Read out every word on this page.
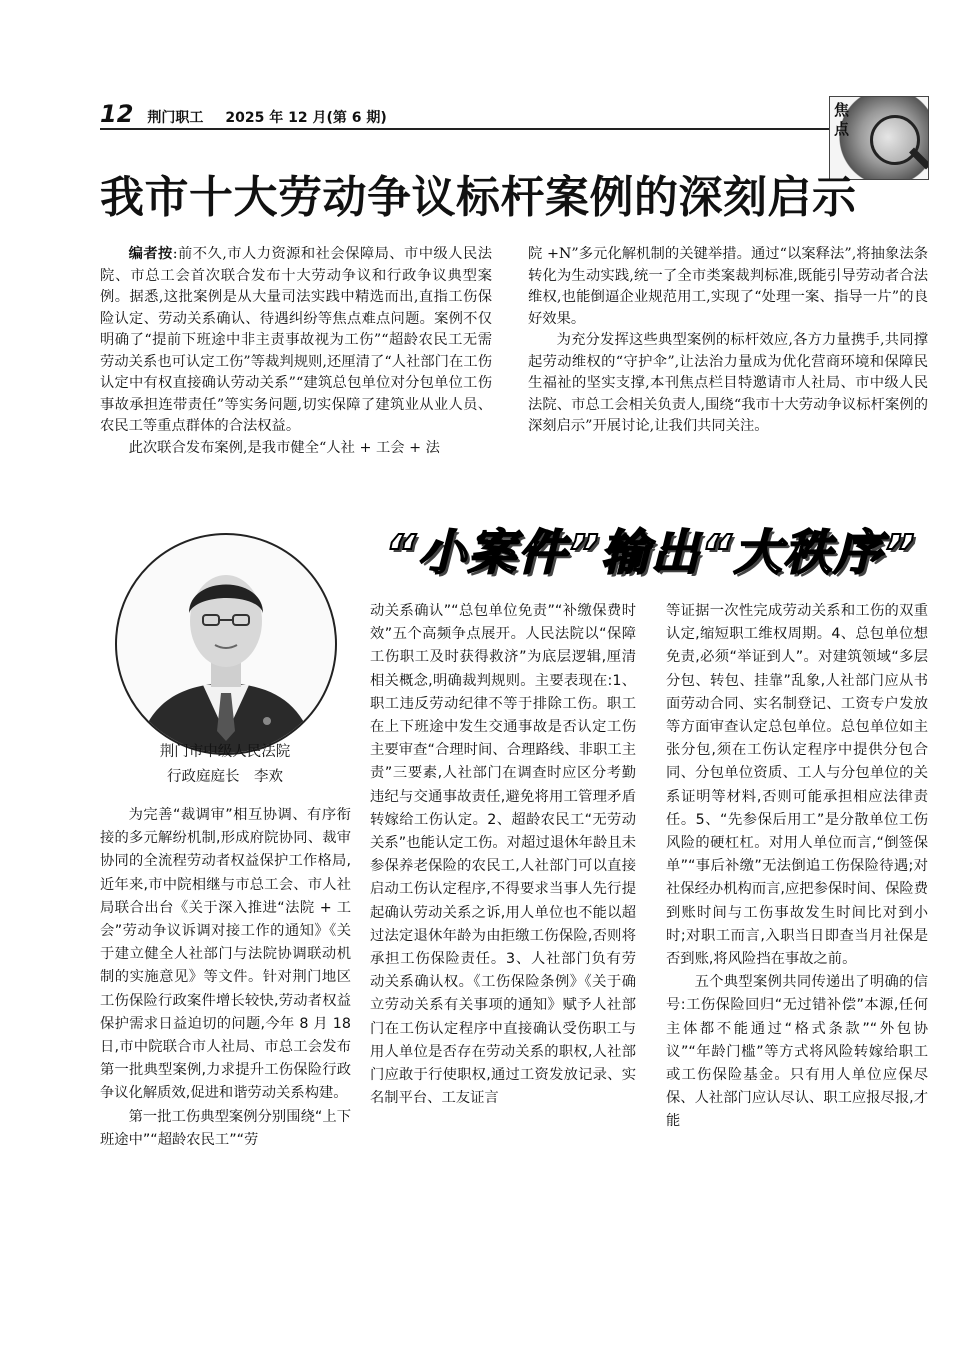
12 荆门职工 2025 年 12 月(第 6 期)	焦点
我市十大劳动争议标杆案例的深刻启示

编者按:前不久,市人力资源和社会保障局、市中级人民法院、市总工会首次联合发布十大劳动争议和行政争议典型案例。据悉,这批案例是从大量司法实践中精选而出,直指工伤保险认定、劳动关系确认、待遇纠纷等焦点难点问题。案例不仅明确了“提前下班途中非主责事故视为工伤”“超龄农民工无需劳动关系也可认定工伤”等裁判规则,还厘清了“人社部门在工伤认定中有权直接确认劳动关系”“建筑总包单位对分包单位工伤事故承担连带责任”等实务问题,切实保障了建筑业从业人员、农民工等重点群体的合法权益。

此次联合发布案例,是我市健全“人社 + 工会 + 法

院 +N”多元化解机制的关键举措。通过“以案释法”,将抽象法条转化为生动实践,统一了全市类案裁判标准,既能引导劳动者合法维权,也能倒逼企业规范用工,实现了“处理一案、指导一片”的良好效果。

为充分发挥这些典型案例的标杆效应,各方力量携手,共同撑起劳动维权的“守护伞”,让法治力量成为优化营商环境和保障民生福祉的坚实支撑,本刊焦点栏目特邀请市人社局、市中级人民法院、市总工会相关负责人,围绕“我市十大劳动争议标杆案例的深刻启示”开展讨论,让我们共同关注。

“小案件”输出“大秩序”
荆门市中级人民法院
行政庭庭长　李欢

为完善“裁调审”相互协调、有序衔接的多元解纷机制,形成府院协同、裁审协同的全流程劳动者权益保护工作格局,近年来,市中院相继与市总工会、市人社局联合出台《关于深入推进“法院 + 工会”劳动争议诉调对接工作的通知》《关于建立健全人社部门与法院协调联动机制的实施意见》等文件。针对荆门地区工伤保险行政案件增长较快,劳动者权益保护需求日益迫切的问题,今年 8 月 18 日,市中院联合市人社局、市总工会发布第一批典型案例,力求提升工伤保险行政争议化解质效,促进和谐劳动关系构建。

第一批工伤典型案例分别围绕“上下班途中”“超龄农民工”“劳

动关系确认”“总包单位免责”“补缴保费时效”五个高频争点展开。人民法院以“保障工伤职工及时获得救济”为底层逻辑,厘清相关概念,明确裁判规则。主要表现在:1、职工违反劳动纪律不等于排除工伤。职工在上下班途中发生交通事故是否认定工伤主要审查“合理时间、合理路线、非职工主责”三要素,人社部门在调查时应区分考勤违纪与交通事故责任,避免将用工管理矛盾转嫁给工伤认定。2、超龄农民工“无劳动关系”也能认定工伤。对超过退休年龄且未参保养老保险的农民工,人社部门可以直接启动工伤认定程序,不得要求当事人先行提起确认劳动关系之诉,用人单位也不能以超过法定退休年龄为由拒缴工伤保险,否则将承担工伤保险责任。3、人社部门负有劳动关系确认权。《工伤保险条例》《关于确立劳动关系有关事项的通知》赋予人社部门在工伤认定程序中直接确认受伤职工与用人单位是否存在劳动关系的职权,人社部门应敢于行使职权,通过工资发放记录、实名制平台、工友证言

等证据一次性完成劳动关系和工伤的双重认定,缩短职工维权周期。4、总包单位想免责,必须“举证到人”。对建筑领域“多层分包、转包、挂靠”乱象,人社部门应从书面劳动合同、实名制登记、工资专户发放等方面审查认定总包单位。总包单位如主张分包,须在工伤认定程序中提供分包合同、分包单位资质、工人与分包单位的关系证明等材料,否则可能承担相应法律责任。5、“先参保后用工”是分散单位工伤风险的硬杠杠。对用人单位而言,“倒签保单”“事后补缴”无法倒追工伤保险待遇;对社保经办机构而言,应把参保时间、保险费到账时间与工伤事故发生时间比对到小时;对职工而言,入职当日即查当月社保是否到账,将风险挡在事故之前。

五个典型案例共同传递出了明确的信号:工伤保险回归“无过错补偿”本源,任何主体都不能通过“格式条款”“外包协议”“年龄门槛”等方式将风险转嫁给职工或工伤保险基金。只有用人单位应保尽保、人社部门应认尽认、职工应报尽报,才能
